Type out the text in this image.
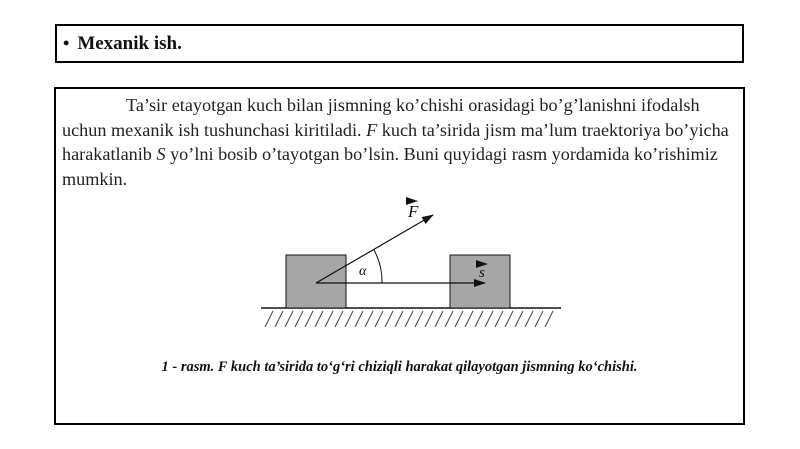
• Mexanik ish.

Ta’sir etayotgan kuch bilan jismning ko’chishi orasidagi bo’g’lanishni ifodalsh uchun mexanik ish tushunchasi kiritiladi. F kuch ta’sirida jism ma’lum traektoriya bo’yicha harakatlanib S yo’lni bosib o’tayotgan bo’lsin. Buni quyidagi rasm yordamida ko’rishimiz mumkin.

F
α	s
1 - rasm. F kuch ta’sirida to‘g‘ri chiziqli harakat qilayotgan jismning ko‘chishi.
